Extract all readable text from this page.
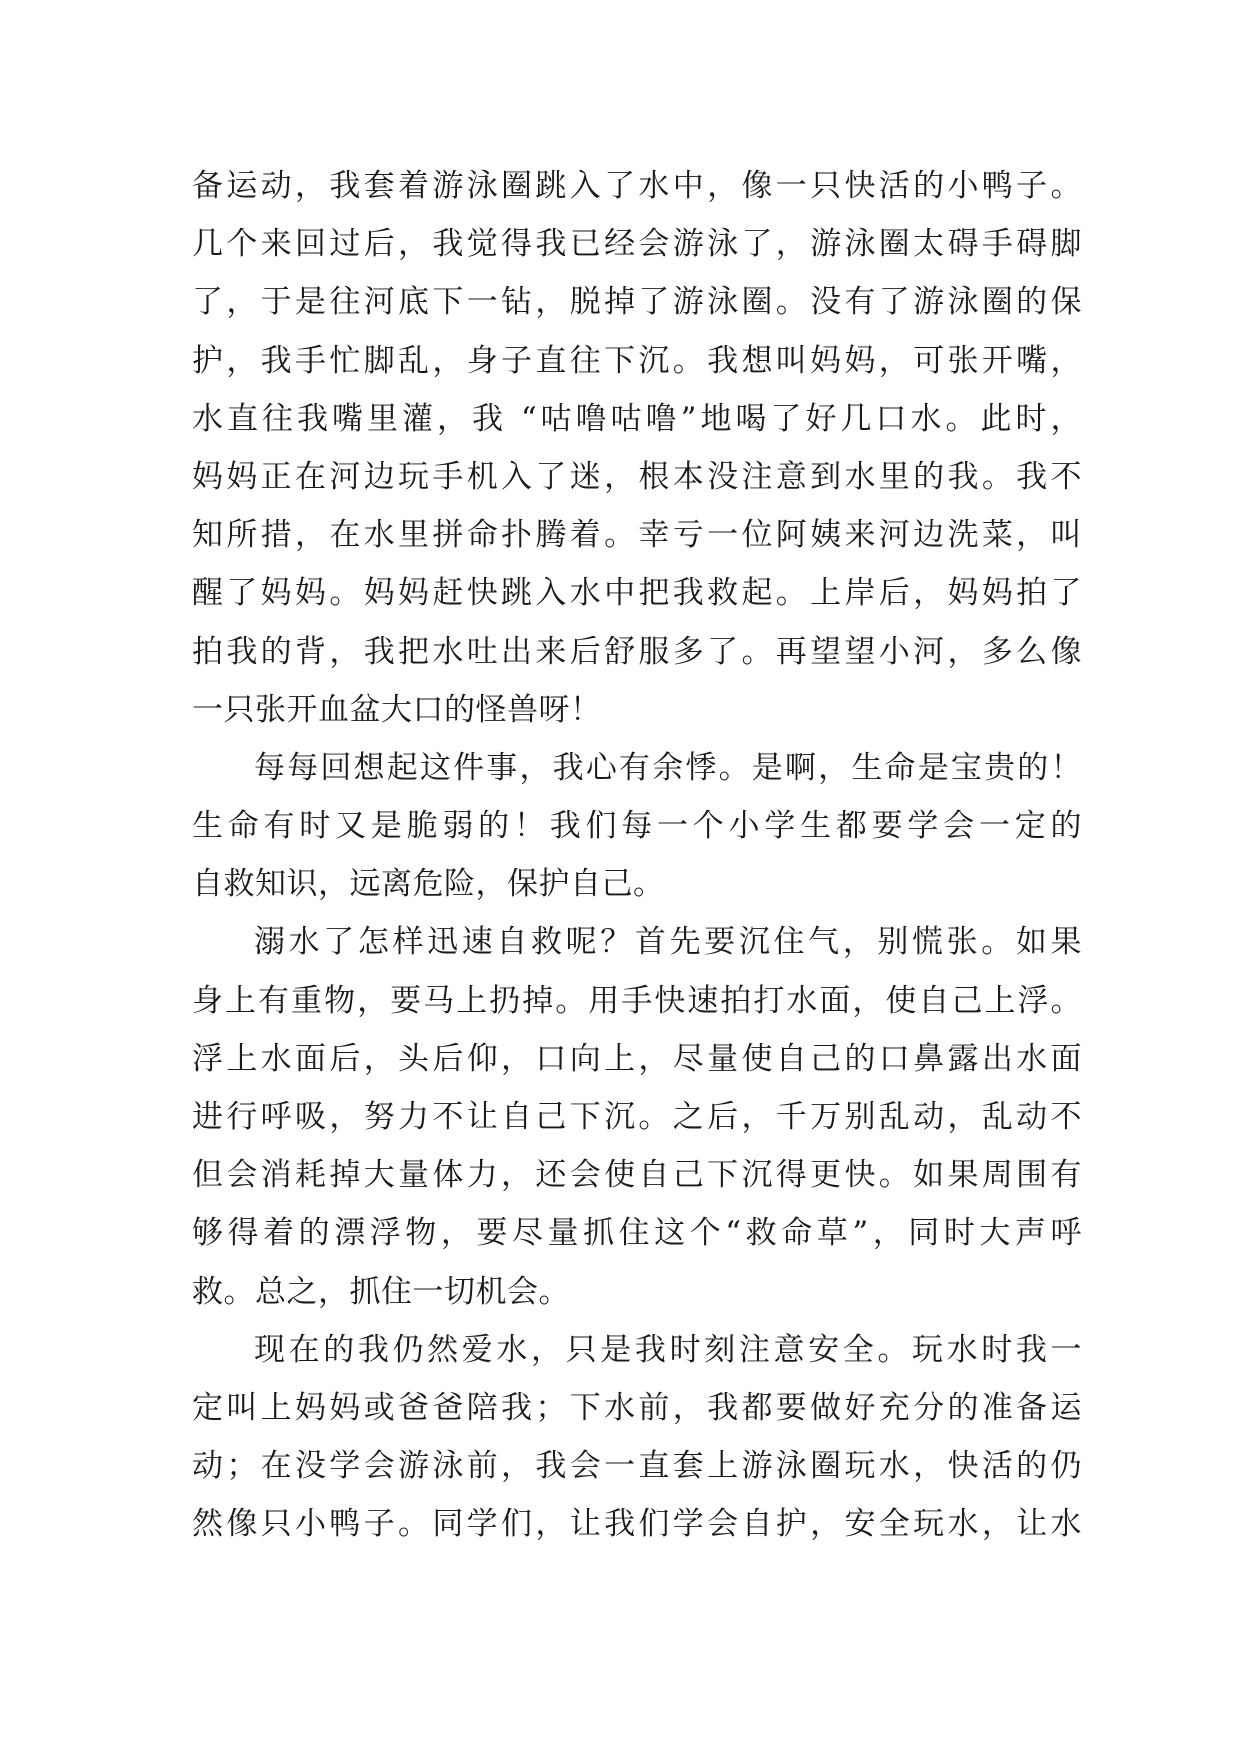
备运动，我套着游泳圈跳入了水中，像一只快活的小鸭子。
几个来回过后，我觉得我已经会游泳了，游泳圈太碍手碍脚
了，于是往河底下一钻，脱掉了游泳圈。没有了游泳圈的保
护，我手忙脚乱，身子直往下沉。我想叫妈妈，可张开嘴，
水直往我嘴里灌，我 “咕噜咕噜”地喝了好几口水。此时，
妈妈正在河边玩手机入了迷，根本没注意到水里的我。我不
知所措，在水里拼命扑腾着。幸亏一位阿姨来河边洗菜，叫
醒了妈妈。妈妈赶快跳入水中把我救起。上岸后，妈妈拍了
拍我的背，我把水吐出来后舒服多了。再望望小河，多么像
一只张开血盆大口的怪兽呀！
每每回想起这件事，我心有余悸。是啊，生命是宝贵的！
生命有时又是脆弱的！我们每一个小学生都要学会一定的
自救知识，远离危险，保护自己。
溺水了怎样迅速自救呢？首先要沉住气，别慌张。如果
身上有重物，要马上扔掉。用手快速拍打水面，使自己上浮。
浮上水面后，头后仰，口向上，尽量使自己的口鼻露出水面
进行呼吸，努力不让自己下沉。之后，千万别乱动，乱动不
但会消耗掉大量体力，还会使自己下沉得更快。如果周围有
够得着的漂浮物，要尽量抓住这个“救命草”，同时大声呼
救。总之，抓住一切机会。
现在的我仍然爱水，只是我时刻注意安全。玩水时我一
定叫上妈妈或爸爸陪我；下水前，我都要做好充分的准备运
动；在没学会游泳前，我会一直套上游泳圈玩水，快活的仍
然像只小鸭子。同学们，让我们学会自护，安全玩水，让水
